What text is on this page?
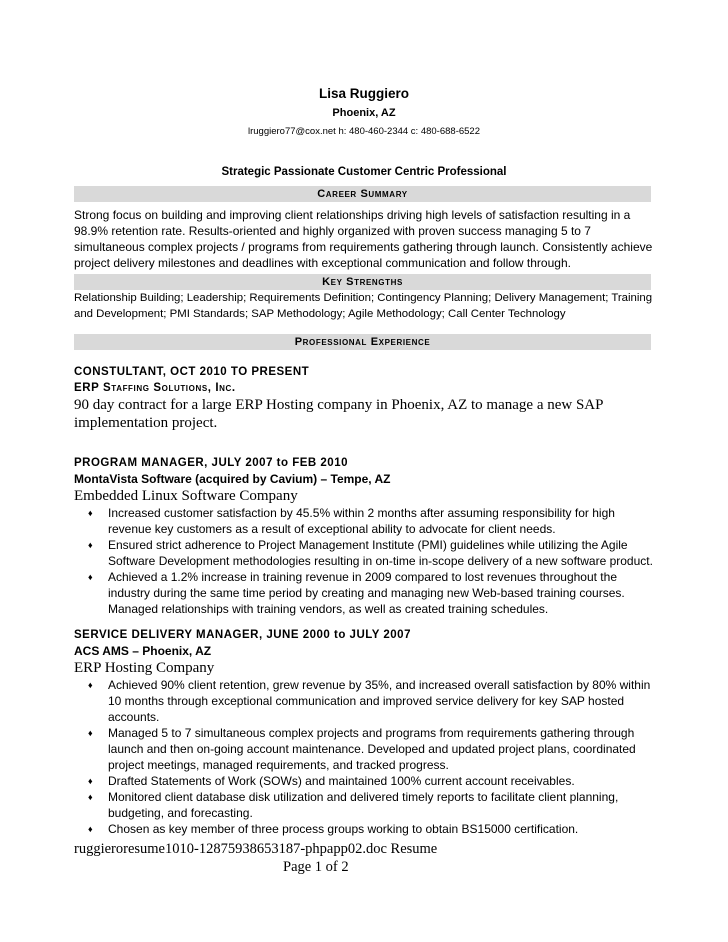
Lisa Ruggiero
Phoenix, AZ
lruggiero77@cox.net h: 480-460-2344 c: 480-688-6522
Strategic Passionate Customer Centric Professional
Career Summary
Strong focus on building and improving client relationships driving high levels of satisfaction resulting in a 98.9% retention rate. Results-oriented and highly organized with proven success managing 5 to 7 simultaneous complex projects / programs from requirements gathering through launch. Consistently achieve project delivery milestones and deadlines with exceptional communication and follow through.
Key Strengths
Relationship Building; Leadership; Requirements Definition; Contingency Planning; Delivery Management; Training and Development; PMI Standards; SAP Methodology; Agile Methodology; Call Center Technology
Professional Experience
CONSTULTANT, OCT 2010 TO PRESENT
ERP Staffing Solutions, Inc.
90 day contract for a large ERP Hosting company in Phoenix, AZ to manage a new SAP implementation project.
PROGRAM MANAGER, JULY 2007 to FEB 2010
MontaVista Software (acquired by Cavium) – Tempe, AZ
Embedded Linux Software Company
♦ Increased customer satisfaction by 45.5% within 2 months after assuming responsibility for high revenue key customers as a result of exceptional ability to advocate for client needs.
♦ Ensured strict adherence to Project Management Institute (PMI) guidelines while utilizing the Agile Software Development methodologies resulting in on-time in-scope delivery of a new software product.
♦ Achieved a 1.2% increase in training revenue in 2009 compared to lost revenues throughout the industry during the same time period by creating and managing new Web-based training courses. Managed relationships with training vendors, as well as created training schedules.
SERVICE DELIVERY MANAGER, JUNE 2000 to JULY 2007
ACS AMS – Phoenix, AZ
ERP Hosting Company
♦ Achieved 90% client retention, grew revenue by 35%, and increased overall satisfaction by 80% within 10 months through exceptional communication and improved service delivery for key SAP hosted accounts.
♦ Managed 5 to 7 simultaneous complex projects and programs from requirements gathering through launch and then on-going account maintenance. Developed and updated project plans, coordinated project meetings, managed requirements, and tracked progress.
♦ Drafted Statements of Work (SOWs) and maintained 100% current account receivables.
♦ Monitored client database disk utilization and delivered timely reports to facilitate client planning, budgeting, and forecasting.
♦ Chosen as key member of three process groups working to obtain BS15000 certification.
ruggieroresume1010-12875938653187-phpapp02.doc Resume
Page 1 of 2
